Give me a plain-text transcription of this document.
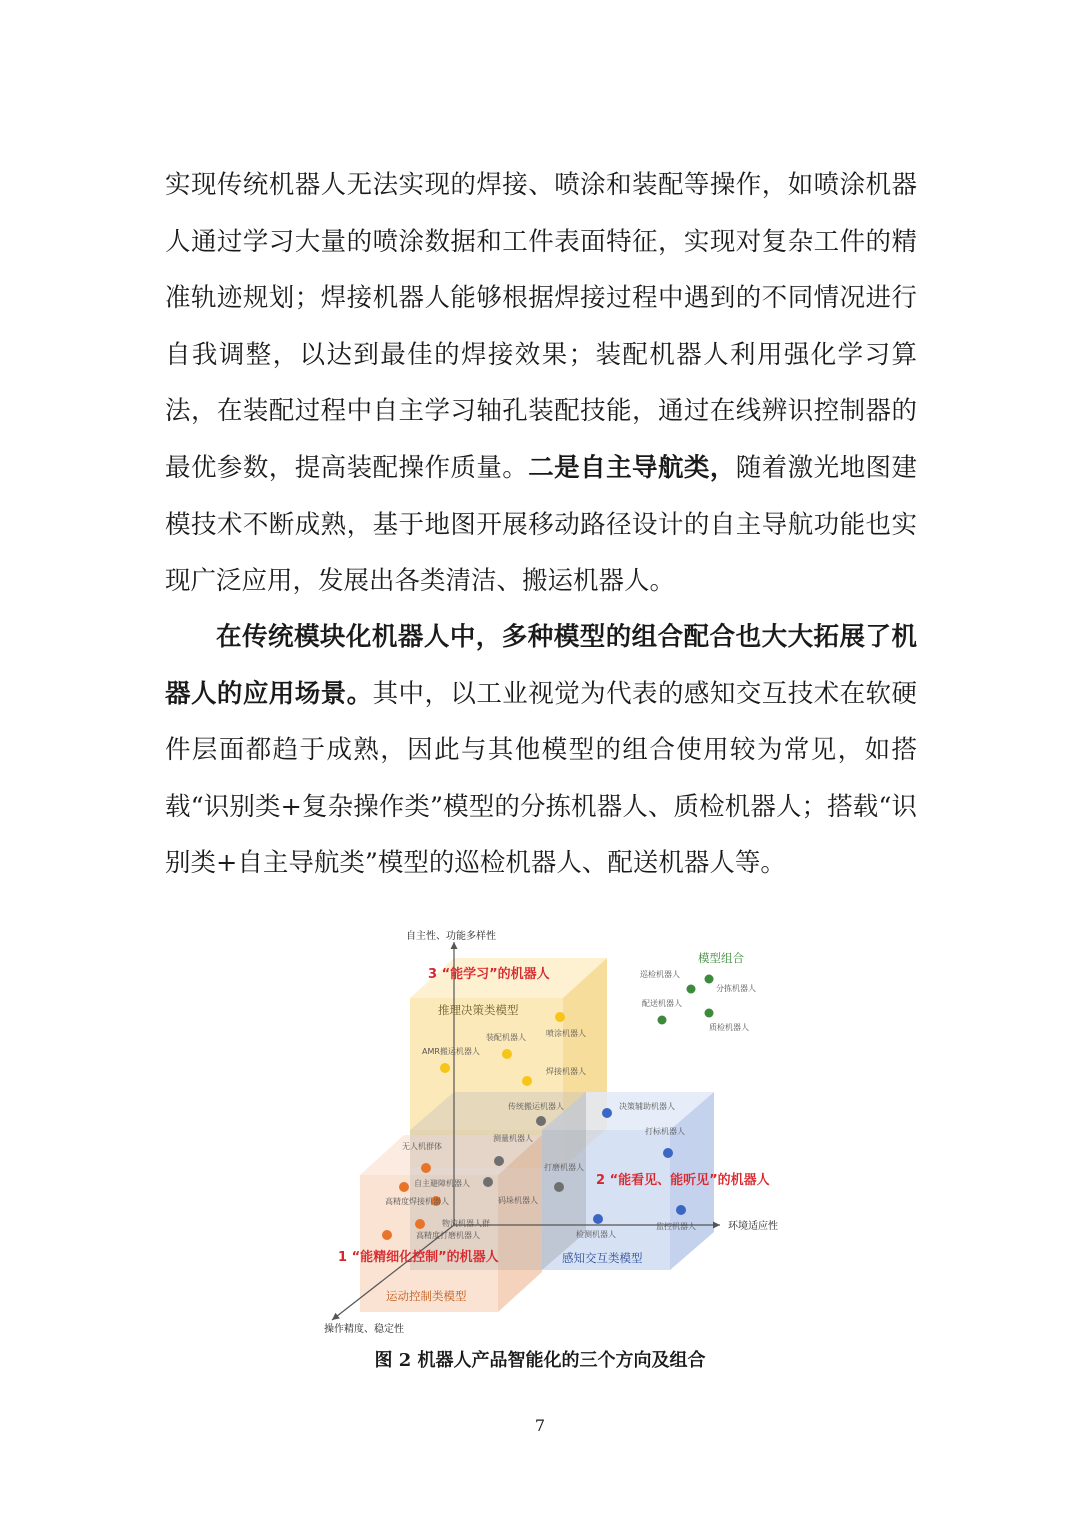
实现传统机器人无法实现的焊接、喷涂和装配等操作，如喷涂机器人通过学习大量的喷涂数据和工件表面特征，实现对复杂工件的精准轨迹规划；焊接机器人能够根据焊接过程中遇到的不同情况进行自我调整，以达到最佳的焊接效果；装配机器人利用强化学习算法，在装配过程中自主学习轴孔装配技能，通过在线辨识控制器的最优参数，提高装配操作质量。二是自主导航类，随着激光地图建模技术不断成熟，基于地图开展移动路径设计的自主导航功能也实现广泛应用，发展出各类清洁、搬运机器人。

在传统模块化机器人中，多种模型的组合配合也大大拓展了机器人的应用场景。其中，以工业视觉为代表的感知交互技术在软硬件层面都趋于成熟，因此与其他模型的组合使用较为常见，如搭载“识别类+复杂操作类”模型的分拣机器人、质检机器人；搭载“识别类+自主导航类”模型的巡检机器人、配送机器人等。

自主性、功能多样性
环境适应性
操作精度、稳定性
3 “能学习”的机器人
推理决策类模型
2 “能看见、能听见”的机器人
感知交互类模型
1 “能精细化控制”的机器人
运动控制类模型
模型组合
巡检机器人
分拣机器人
配送机器人
质检机器人
喷涂机器人
装配机器人
AMR搬运机器人
焊接机器人
传统搬运机器人
测量机器人
打磨机器人
码垛机器人
决策辅助机器人
打标机器人
检测机器人
监控机器人
无人机群体
自主避障机器人
高精度焊接机器人
物流机器人群
高精度打磨机器人
图 2 机器人产品智能化的三个方向及组合
7
